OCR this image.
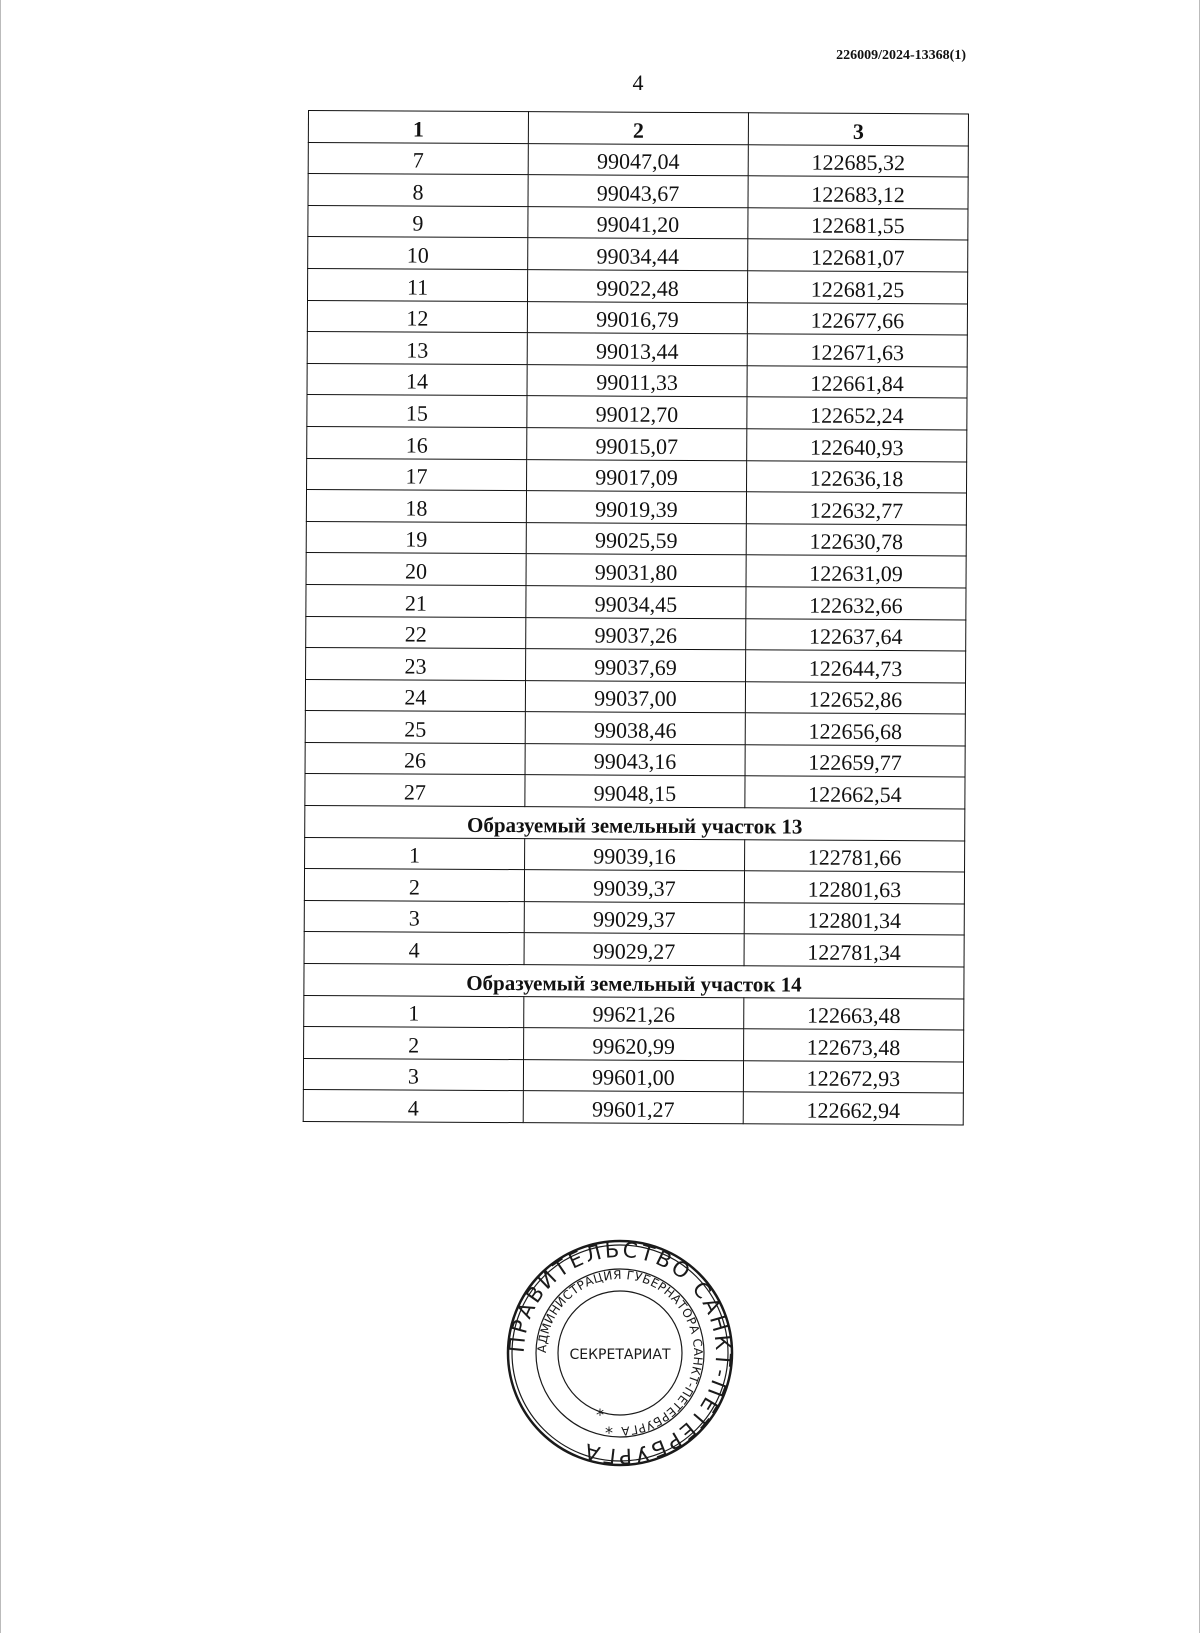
226009/2024-13368(1)
4
1	2	3
7	99047,04	122685,32
8	99043,67	122683,12
9	99041,20	122681,55
10	99034,44	122681,07
11	99022,48	122681,25
12	99016,79	122677,66
13	99013,44	122671,63
14	99011,33	122661,84
15	99012,70	122652,24
16	99015,07	122640,93
17	99017,09	122636,18
18	99019,39	122632,77
19	99025,59	122630,78
20	99031,80	122631,09
21	99034,45	122632,66
22	99037,26	122637,64
23	99037,69	122644,73
24	99037,00	122652,86
25	99038,46	122656,68
26	99043,16	122659,77
27	99048,15	122662,54
Образуемый земельный участок 13		
1	99039,16	122781,66
2	99039,37	122801,63
3	99029,37	122801,34
4	99029,27	122781,34
Образуемый земельный участок 14		
1	99621,26	122663,48
2	99620,99	122673,48
3	99601,00	122672,93
4	99601,27	122662,94
ПРАВИТЕЛЬСТВО САНКТ-ПЕТЕРБУРГА
АДМИНИСТРАЦИЯ ГУБЕРНАТОРА САНКТ-ПЕТЕРБУРГА
СЕКРЕТАРИАТ
*
*
